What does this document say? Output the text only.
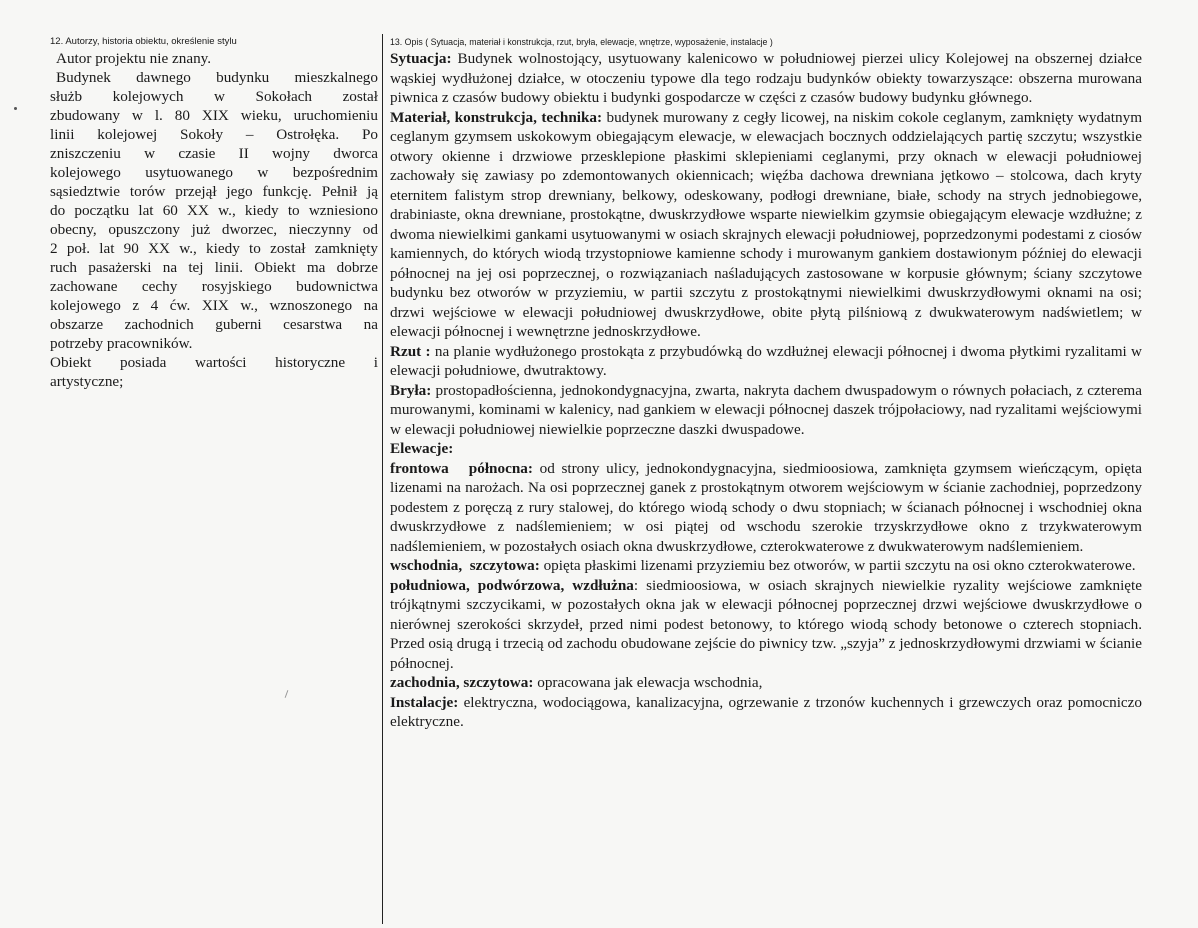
12. Autorzy, historia obiektu, określenie stylu

Autor projektu nie znany.

Budynek dawnego budynku mieszkalnego

służb kolejowych w Sokołach został

zbudowany w l. 80 XIX wieku, uruchomieniu

linii kolejowej Sokoły – Ostrołęka. Po

zniszczeniu w czasie II wojny dworca

kolejowego usytuowanego w bezpośrednim

sąsiedztwie torów przejął jego funkcję. Pełnił ją

do początku lat 60 XX w., kiedy to wzniesiono

obecny, opuszczony już dworzec, nieczynny od

2 poł. lat 90 XX w., kiedy to został zamknięty

ruch pasażerski na tej linii. Obiekt ma dobrze

zachowane cechy rosyjskiego budownictwa

kolejowego z 4 ćw. XIX w., wznoszonego na

obszarze zachodnich guberni cesarstwa na

potrzeby pracowników.

Obiekt posiada wartości historyczne i

artystyczne;

13. Opis ( Sytuacja, materiał i konstrukcja, rzut, bryła, elewacje, wnętrze, wyposażenie, instalacje )

Sytuacja: Budynek wolnostojący, usytuowany kalenicowo w południowej pierzei ulicy Kolejowej na obszernej działce wąskiej wydłużonej działce, w otoczeniu typowe dla tego rodzaju budynków obiekty towarzyszące: obszerna murowana piwnica z czasów budowy obiektu i budynki gospodarcze w części z czasów budowy budynku głównego.

Materiał, konstrukcja, technika: budynek murowany z cegły licowej, na niskim cokole ceglanym, zamknięty wydatnym ceglanym gzymsem uskokowym obiegającym elewacje, w elewacjach bocznych oddzielających partię szczytu; wszystkie otwory okienne i drzwiowe przesklepione płaskimi sklepieniami ceglanymi, przy oknach w elewacji południowej zachowały się zawiasy po zdemontowanych okiennicach; więźba dachowa drewniana jętkowo – stolcowa, dach kryty eternitem falistym strop drewniany, belkowy, odeskowany, podłogi drewniane, białe, schody na strych jednobiegowe, drabiniaste, okna drewniane, prostokątne, dwuskrzydłowe wsparte niewielkim gzymsie obiegającym elewacje wzdłużne; z dwoma niewielkimi gankami usytuowanymi w osiach skrajnych elewacji południowej, poprzedzonymi podestami z ciosów kamiennych, do których wiodą trzystopniowe kamienne schody i murowanym gankiem dostawionym później do elewacji północnej na jej osi poprzecznej, o rozwiązaniach naśladujących zastosowane w korpusie głównym; ściany szczytowe budynku bez otworów w przyziemiu, w partii szczytu z prostokątnymi niewielkimi dwuskrzydłowymi oknami na osi; drzwi wejściowe w elewacji południowej dwuskrzydłowe, obite płytą pilśniową z dwukwaterowym nadświetlem; w elewacji północnej i wewnętrzne jednoskrzydłowe.

Rzut : na planie wydłużonego prostokąta z przybudówką do wzdłużnej elewacji północnej i dwoma płytkimi ryzalitami w elewacji południowe, dwutraktowy.

Bryła: prostopadłościenna, jednokondygnacyjna, zwarta, nakryta dachem dwuspadowym o równych połaciach, z czterema murowanymi, kominami w kalenicy, nad gankiem w elewacji północnej daszek trójpołaciowy, nad ryzalitami wejściowymi w elewacji południowej niewielkie poprzeczne daszki dwuspadowe.

Elewacje:

frontowa   północna: od strony ulicy, jednokondygnacyjna, siedmioosiowa, zamknięta gzymsem wieńczącym, opięta lizenami na narożach. Na osi poprzecznej ganek z prostokątnym otworem wejściowym w ścianie zachodniej, poprzedzony podestem z poręczą z rury stalowej, do którego wiodą schody o dwu stopniach; w ścianach północnej i wschodniej okna dwuskrzydłowe z nadślemieniem; w osi piątej od wschodu szerokie trzyskrzydłowe okno z trzykwaterowym nadślemieniem, w pozostałych osiach okna dwuskrzydłowe, czterokwaterowe z dwukwaterowym nadślemieniem.

wschodnia,  szczytowa: opięta płaskimi lizenami przyziemiu bez otworów, w partii szczytu na osi okno czterokwaterowe.

południowa, podwórzowa, wzdłużna: siedmioosiowa, w osiach skrajnych niewielkie ryzality wejściowe zamknięte trójkątnymi szczycikami, w pozostałych okna jak w elewacji północnej poprzecznej drzwi wejściowe dwuskrzydłowe o nierównej szerokości skrzydeł, przed nimi podest betonowy, to którego wiodą schody betonowe o czterech stopniach. Przed osią drugą i trzecią od zachodu obudowane zejście do piwnicy tzw. „szyja” z jednoskrzydłowymi drzwiami w ścianie północnej.

zachodnia, szczytowa: opracowana jak elewacja wschodnia,

Instalacje: elektryczna, wodociągowa, kanalizacyjna, ogrzewanie z trzonów kuchennych i grzewczych oraz pomocniczo elektryczne.
